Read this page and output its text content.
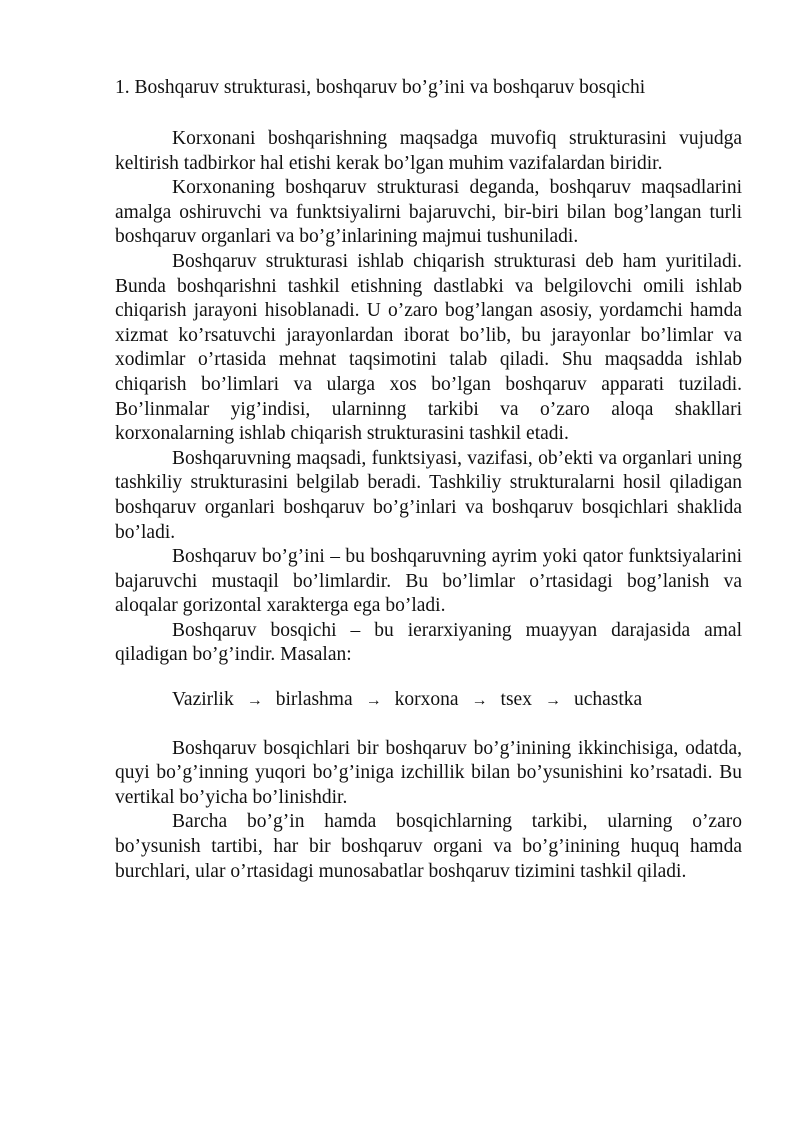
1. Boshqaruv strukturasi, boshqaruv bo’g’ini va boshqaruv bosqichi

Korxonani boshqarishning maqsadga muvofiq strukturasini vujudga keltirish tadbirkor hal etishi kerak bo’lgan muhim vazifalardan biridir.

Korxonaning boshqaruv strukturasi deganda, boshqaruv maqsadlarini amalga oshiruvchi va funktsiyalirni bajaruvchi, bir-biri bilan bog’langan turli boshqaruv organlari va bo’g’inlarining majmui tushuniladi.

Boshqaruv strukturasi ishlab chiqarish strukturasi deb ham yuritiladi. Bunda boshqarishni tashkil etishning dastlabki va belgilovchi omili ishlab chiqarish jarayoni hisoblanadi. U o’zaro bog’langan asosiy, yordamchi hamda xizmat ko’rsatuvchi jarayonlardan iborat bo’lib, bu jarayonlar bo’limlar va xodimlar o’rtasida mehnat taqsimotini talab qiladi. Shu maqsadda ishlab chiqarish bo’limlari va ularga xos bo’lgan boshqaruv apparati tuziladi. Bo’linmalar yig’indisi, ularninng tarkibi va o’zaro aloqa shakllari korxonalarning ishlab chiqarish strukturasini tashkil etadi.

Boshqaruvning maqsadi, funktsiyasi, vazifasi, ob’ekti va organlari uning tashkiliy strukturasini belgilab beradi. Tashkiliy strukturalarni hosil qiladigan boshqaruv organlari boshqaruv bo’g’inlari va boshqaruv bosqichlari shaklida bo’ladi.

Boshqaruv bo’g’ini – bu boshqaruvning ayrim yoki qator funktsiyalarini bajaruvchi mustaqil bo’limlardir. Bu bo’limlar o’rtasidagi bog’lanish va aloqalar gorizontal xarakterga ega bo’ladi.

Boshqaruv bosqichi – bu ierarxiyaning muayyan darajasida amal qiladigan bo’g’indir. Masalan:

Vazirlik → birlashma → korxona → tsex → uchastka

Boshqaruv bosqichlari bir boshqaruv bo’g’inining ikkinchisiga, odatda, quyi bo’g’inning yuqori bo’g’iniga izchillik bilan bo’ysunishini ko’rsatadi. Bu vertikal bo’yicha bo’linishdir.

Barcha bo’g’in hamda bosqichlarning tarkibi, ularning o’zaro bo’ysunish tartibi, har bir boshqaruv organi va bo’g’inining huquq hamda burchlari, ular o’rtasidagi munosabatlar boshqaruv tizimini tashkil qiladi.
